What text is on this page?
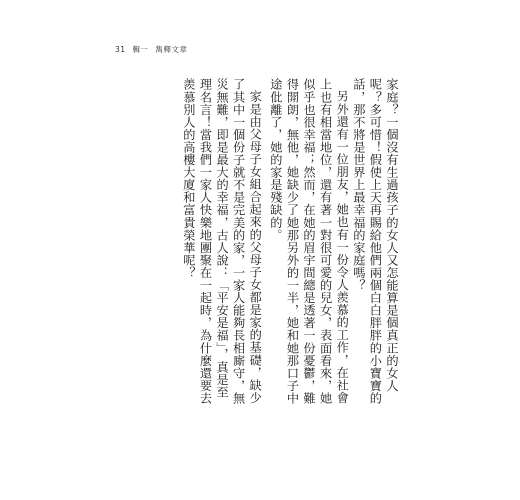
31 輯一 雋釋文章

家庭？一個沒有生過孩子的女人又怎能算是個真正的女人呢？多可惜！假使上天再賜給他們兩個白白胖胖的小寶寶的話，那不將是世界上最幸福的家庭嗎？

另外還有一位朋友，她也有一份令人羨慕的工作，在社會上也有相當地位，還有著一對很可愛的兒女，表面看來，她似乎也很幸福；然而，在她的眉宇間總是透著一份憂鬱，難得開朗，無他，她缺少了她那另外的一半，她和她那口子中途仳離了，她的家是殘缺的。

家是由父母子女組合起來的父母子女都是家的基礎，缺少了其中一個份子就不是完美的家，一家人能夠長相廝守，無災無難，即是最大的幸福，古人說：「平安是福」，真是至理名言！當我們一家人快樂地團聚在一起時，為什麼還要去羨慕別人的高樓大廈和富貴榮華呢？
